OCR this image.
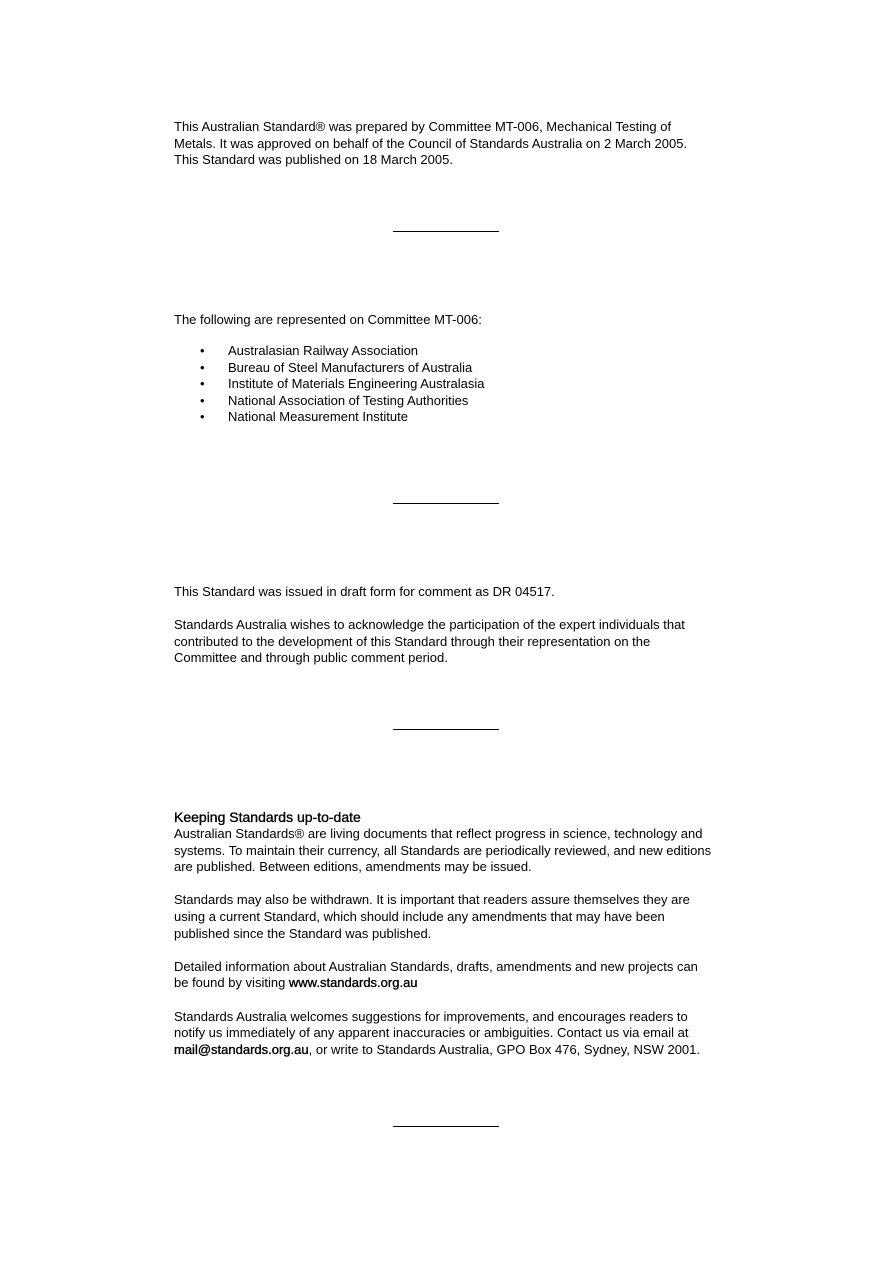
This Australian Standard® was prepared by Committee MT-006, Mechanical Testing of

Metals. It was approved on behalf of the Council of Standards Australia on 2 March 2005.

This Standard was published on 18 March 2005.

The following are represented on Committee MT-006:

• Australasian Railway Association
• Bureau of Steel Manufacturers of Australia
• Institute of Materials Engineering Australasia
• National Association of Testing Authorities
• National Measurement Institute

This Standard was issued in draft form for comment as DR 04517.

Standards Australia wishes to acknowledge the participation of the expert individuals that

contributed to the development of this Standard through their representation on the

Committee and through public comment period.

Keeping Standards up-to-date

Australian Standards® are living documents that reflect progress in science, technology and

systems. To maintain their currency, all Standards are periodically reviewed, and new editions

are published. Between editions, amendments may be issued.

Standards may also be withdrawn. It is important that readers assure themselves they are

using a current Standard, which should include any amendments that may have been

published since the Standard was published.

Detailed information about Australian Standards, drafts, amendments and new projects can

be found by visiting www.standards.org.au

Standards Australia welcomes suggestions for improvements, and encourages readers to

notify us immediately of any apparent inaccuracies or ambiguities. Contact us via email at

mail@standards.org.au, or write to Standards Australia, GPO Box 476, Sydney, NSW 2001.
